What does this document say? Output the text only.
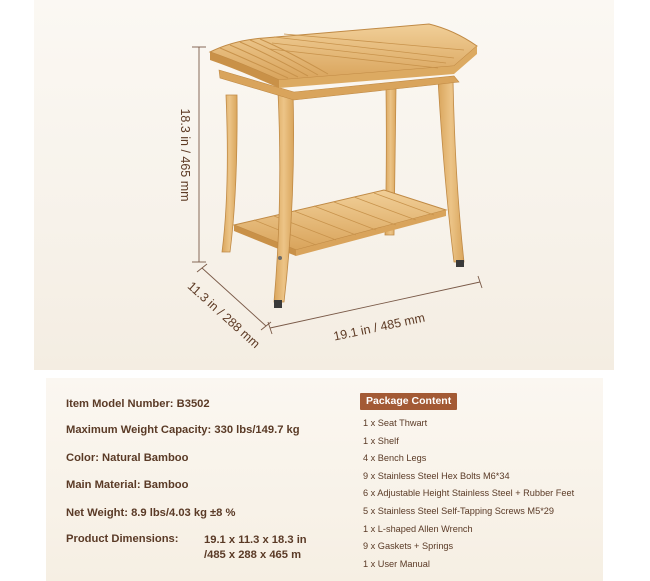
18.3 in / 465 mm
11.3 in / 288 mm	19.1 in / 485 mm
Item Model Number: B3502
Maximum Weight Capacity: 330 lbs/149.7 kg
Color: Natural Bamboo
Main Material: Bamboo
Net Weight: 8.9 lbs/4.03 kg ±8 %
Product Dimensions: 19.1 x 11.3 x 18.3 in
/485 x 288 x 465 m
Package Content
1 x Seat Thwart
1 x Shelf
4 x Bench Legs
9 x Stainless Steel Hex Bolts M6*34
6 x Adjustable Height Stainless Steel + Rubber Feet
5 x Stainless Steel Self-Tapping Screws M5*29
1 x L-shaped Allen Wrench
9 x Gaskets + Springs
1 x User Manual
